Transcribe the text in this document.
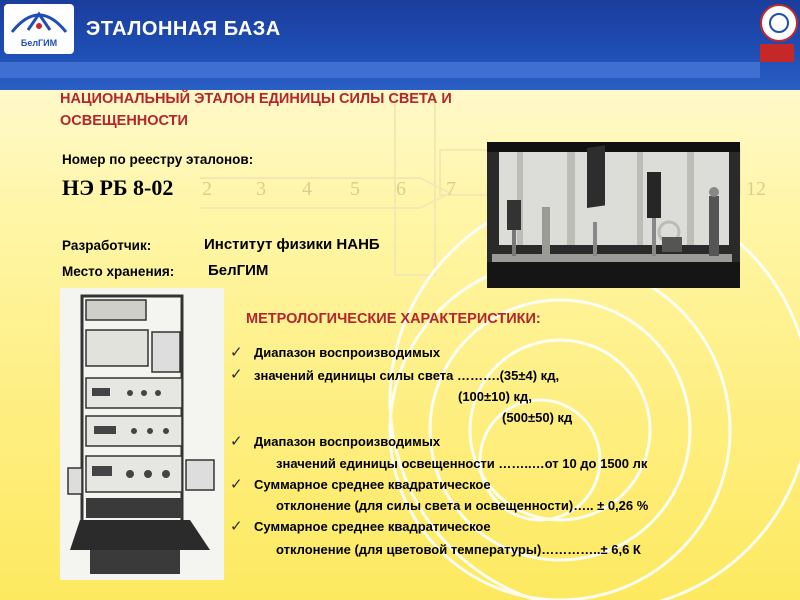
БелГИМ
ЭТАЛОННАЯ БАЗА
НАЦИОНАЛЬНЫЙ ЭТАЛОН ЕДИНИЦЫ СИЛЫ СВЕТА И
ОСВЕЩЕННОСТИ
2 3 4 5 6 7	12
Номер по реестру эталонов:
НЭ РБ 8-02
Разработчик:	Институт физики НАНБ
Место хранения: БелГИМ
МЕТРОЛОГИЧЕСКИЕ ХАРАКТЕРИСТИКИ:
✓ Диапазон воспроизводимых
✓ значений единицы силы света ……….(35±4) кд,
(100±10) кд,
(500±50) кд
✓ Диапазон воспроизводимых
значений единицы освещенности ……..…от 10 до 1500 лк
✓ Суммарное среднее квадратическое
отклонение (для силы света и освещенности)….. ± 0,26 %
✓ Суммарное среднее квадратическое
отклонение (для цветовой температуры)…………..± 6,6 К
